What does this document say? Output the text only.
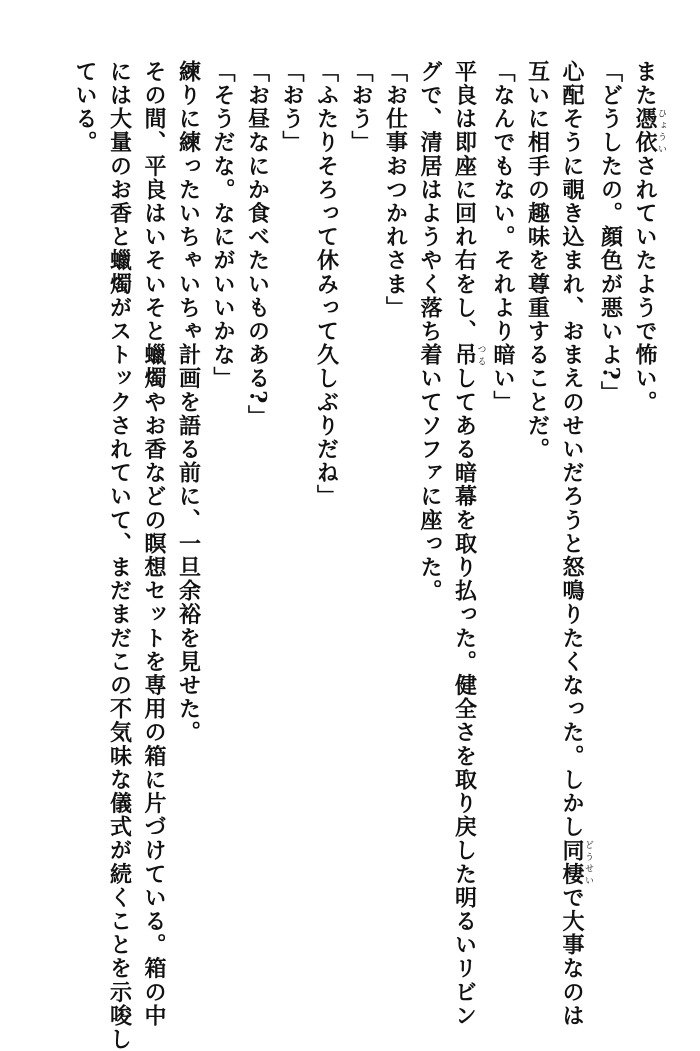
また憑依ひょういされていたようで怖い。

「どうしたの。顔色が悪いよ?」

心配そうに覗き込まれ、おまえのせいだろうと怒鳴りたくなった。しかし同棲どうせいで大事なのは

互いに相手の趣味を尊重することだ。

「なんでもない。それより暗い」

平良は即座に回れ右をし、吊つるしてある暗幕を取り払った。健全さを取り戻した明るいリビン

グで、清居はようやく落ち着いてソファに座った。

「お仕事おつかれさま」

「おう」

「ふたりそろって休みって久しぶりだね」

「おう」

「お昼なにか食べたいものある?」

「そうだな。なにがいいかな」

練りに練ったいちゃいちゃ計画を語る前に、一旦余裕を見せた。

その間、平良はいそいそと蠟燭やお香などの瞑想セットを専用の箱に片づけている。箱の中

には大量のお香と蠟燭がストックされていて、まだまだこの不気味な儀式が続くことを示唆し

ている。
